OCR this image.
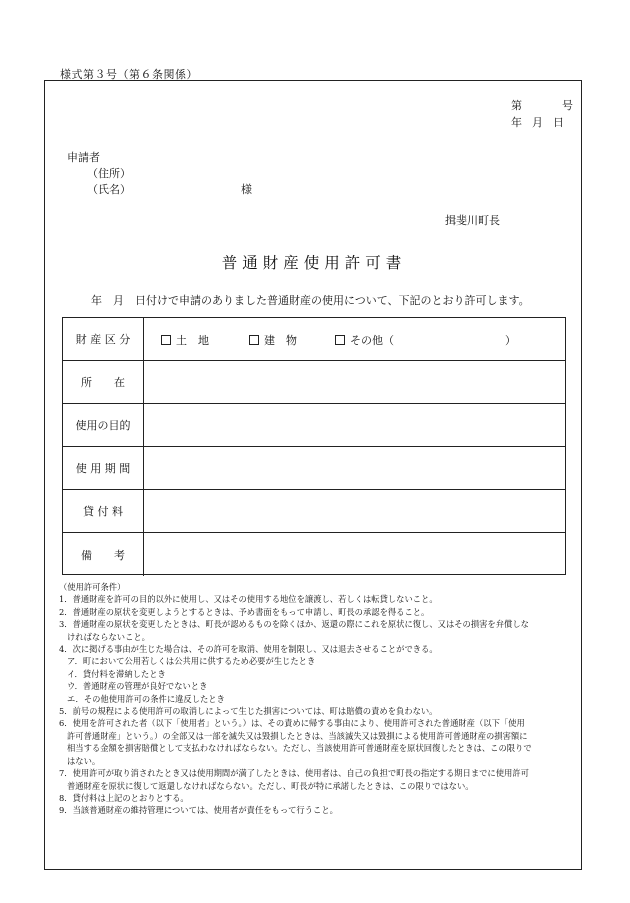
様式第３号（第６条関係）
第	号
年 月 日
申請者
（住所）
（氏名）	様
揖斐川町長
普通財産使用許可書
年　月　日付けで申請のありました普通財産の使用について、下記のとおり許可します。
財 産 区 分	土　地	建　物	その他（	）
所　　在
使用の目的
使 用 期 間
貸 付 料
備　　考
（使用許可条件）
1．普通財産を許可の目的以外に使用し、又はその使用する地位を譲渡し、若しくは転貸しないこと。
2．普通財産の原状を変更しようとするときは、予め書面をもって申請し、町長の承認を得ること。
3．普通財産の原状を変更したときは、町長が認めるものを除くほか、返還の際にこれを原状に復し、又はその損害を弁償しな
ければならないこと。
4．次に掲げる事由が生じた場合は、その許可を取消、使用を制限し、又は退去させることができる。
ア．町において公用若しくは公共用に供するため必要が生じたとき
イ．貸付料を滞納したとき
ウ．普通財産の管理が良好でないとき
エ．その他使用許可の条件に違反したとき
5．前号の規程による使用許可の取消しによって生じた損害については、町は賠償の責めを負わない。
6．使用を許可された者（以下「使用者」という。）は、その責めに帰する事由により、使用許可された普通財産（以下「使用
許可普通財産」という。）の全部又は一部を滅失又は毀損したときは、当該滅失又は毀損による使用許可普通財産の損害額に
相当する金額を損害賠償として支払わなければならない。ただし、当該使用許可普通財産を原状回復したときは、この限りで
はない。
7．使用許可が取り消されたとき又は使用期間が満了したときは、使用者は、自己の負担で町長の指定する期日までに使用許可
普通財産を原状に復して返還しなければならない。ただし、町長が特に承諾したときは、この限りではない。
8．貸付料は上記のとおりとする。
9．当該普通財産の維持管理については、使用者が責任をもって行うこと。
